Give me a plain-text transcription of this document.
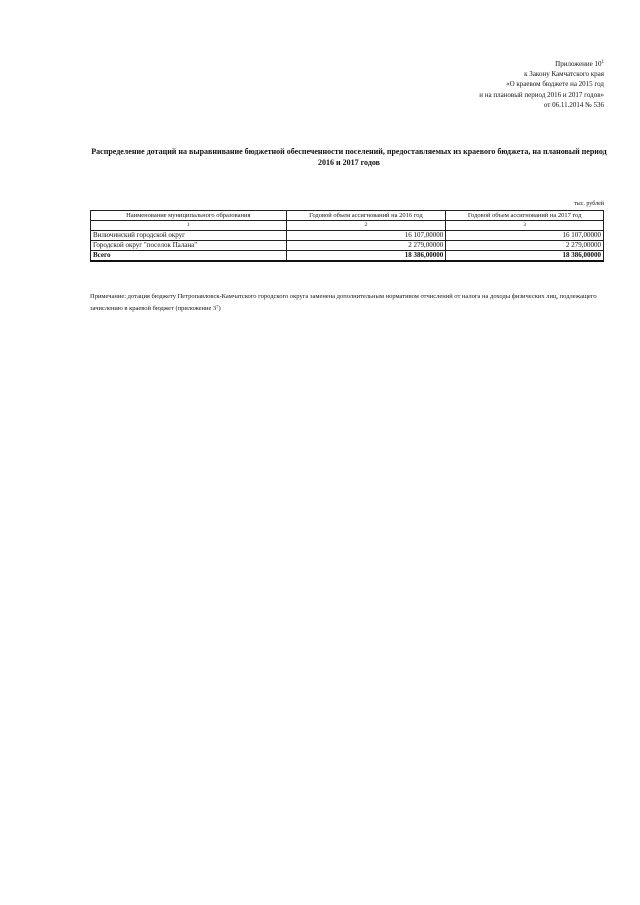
Приложение $10^1$
к Закону Камчатского края
«О краевом бюджете на 2015 год
и на плановый период 2016 и 2017 годов»
от 06.11.2014 № 536
Распределение дотаций на выравнивание бюджетной обеспеченности поселений, предоставляемых из краевого бюджета, на плановый период 2016 и 2017 годов
тыс. рублей
Наименование муниципального образования	Годовой объем ассигнований на 2016 год	Годовой объем ассигнований на 2017 год
1	2	3
Вилючинский городской округ	16 107,00000	16 107,00000
Городской округ "поселок Палана"	2 279,00000	2 279,00000
Всего	18 386,00000	18 386,00000
Примечание: дотация бюджету Петропавловск-Камчатского городского округа заменена дополнительным нормативом отчислений от налога на доходы физических лиц, подлежащего зачислению в краевой бюджет (приложение $3^7$)
